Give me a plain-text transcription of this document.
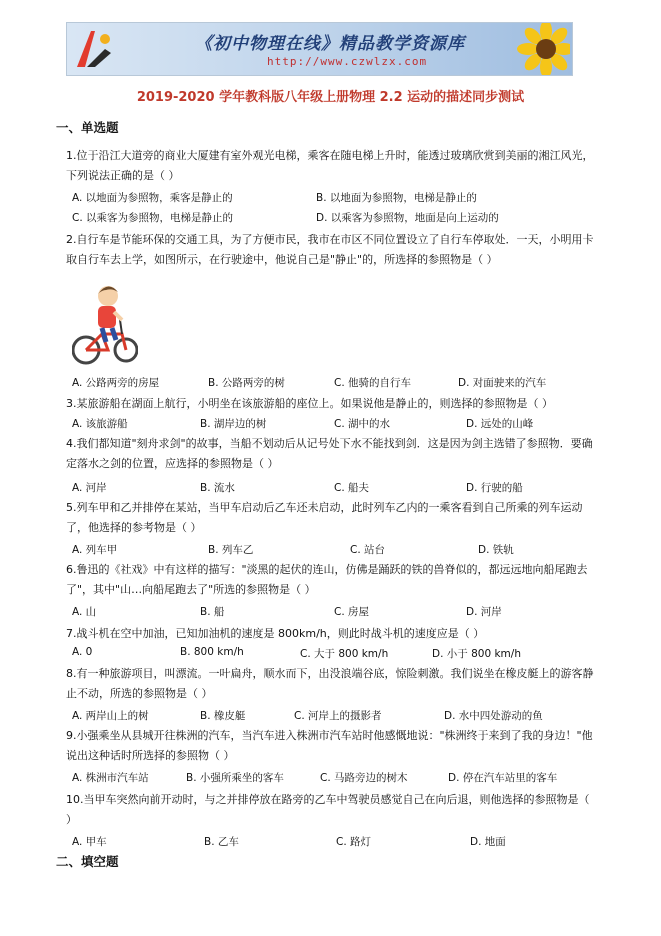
《初中物理在线》精品教学资源库
http://www.czwlzx.com
2019-2020 学年教科版八年级上册物理 2.2 运动的描述同步测试
一、单选题
1.位于沿江大道旁的商业大厦建有室外观光电梯，乘客在随电梯上升时，能透过玻璃欣赏到美丽的湘江风光，下列说法正确的是（ ）
A. 以地面为参照物，乘客是静止的	B. 以地面为参照物，电梯是静止的
C. 以乘客为参照物，电梯是静止的	D. 以乘客为参照物，地面是向上运动的
2.自行车是节能环保的交通工具，为了方便市民，我市在市区不同位置设立了自行车停取处．一天，小明用卡取自行车去上学，如图所示，在行驶途中，他说自己是"静止"的，所选择的参照物是（ ）
A. 公路两旁的房屋	B. 公路两旁的树	C. 他骑的自行车	D. 对面驶来的汽车
3.某旅游船在湖面上航行，小明坐在该旅游船的座位上。如果说他是静止的，则选择的参照物是（ ）
A. 该旅游船	B. 湖岸边的树	C. 湖中的水	D. 远处的山峰
4.我们都知道"刻舟求剑"的故事，当船不划动后从记号处下水不能找到剑．这是因为剑主选错了参照物．要确定落水之剑的位置，应选择的参照物是（ ）
A. 河岸	B. 流水	C. 船夫	D. 行驶的船
5.列车甲和乙并排停在某站，当甲车启动后乙车还未启动，此时列车乙内的一乘客看到自己所乘的列车运动了，他选择的参考物是（ ）
A. 列车甲	B. 列车乙	C. 站台	D. 铁轨
6.鲁迅的《社戏》中有这样的描写："淡黑的起伏的连山，仿佛是踊跃的铁的兽脊似的，都远远地向船尾跑去了"，其中"山…向船尾跑去了"所选的参照物是（ ）
A. 山	B. 船	C. 房屋	D. 河岸
7.战斗机在空中加油，已知加油机的速度是 800km/h，则此时战斗机的速度应是（ ）
A. 0	B. 800 km/h	C. 大于 800 km/h	D. 小于 800 km/h
8.有一种旅游项目，叫漂流。一叶扁舟，顺水而下，出没浪端谷底，惊险刺激。我们说坐在橡皮艇上的游客静止不动，所选的参照物是（ ）
A. 两岸山上的树	B. 橡皮艇	C. 河岸上的摄影者	D. 水中四处游动的鱼
9.小强乘坐从县城开往株洲的汽车，当汽车进入株洲市汽车站时他感慨地说："株洲终于来到了我的身边！"他说出这种话时所选择的参照物（ ）
A. 株洲市汽车站	B. 小强所乘坐的客车	C. 马路旁边的树木	D. 停在汽车站里的客车
10.当甲车突然向前开动时，与之并排停放在路旁的乙车中驾驶员感觉自己在向后退，则他选择的参照物是（ ）
A. 甲车	B. 乙车	C. 路灯	D. 地面
二、填空题
